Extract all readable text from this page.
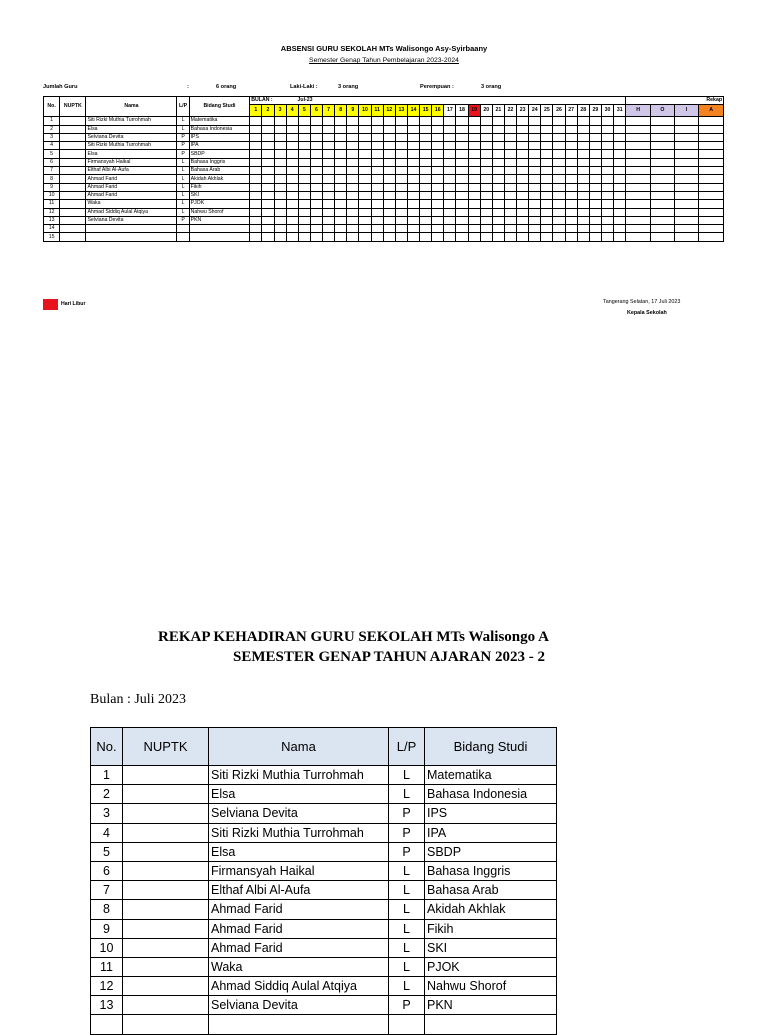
ABSENSI GURU SEKOLAH MTs Walisongo Asy-Syirbaany
Semester Genap Tahun Pembelajaran 2023-2024
Jumlah Guru	:	6 orang	Laki-Laki :	3 orang	Perempuan :	3 orang
No.	NUPTK	Nama	L/P	Bidang Studi	BULAN : Jul-23																															Rekap			
					1	2	3	4	5	6	7	8	9	10	11	12	13	14	15	16	17	18	19	20	21	22	23	24	25	26	27	28	29	30	31	H	O	I	A
1		Siti Rizki Muthia Turrohmah	L	Matematika																																			
2		Elsa	L	Bahasa Indonesia																																			
3		Selviana Devita	P	IPS																																			
4		Siti Rizki Muthia Turrohmah	P	IPA																																			
5		Elsa	P	SBDP																																			
6		Firmansyah Haikal	L	Bahasa Inggris																																			
7		Elthaf Albi Al-Aufa	L	Bahasa Arab																																			
8		Ahmad Farid	L	Akidah Akhlak																																			
9		Ahmad Farid	L	Fikih																																			
10		Ahmad Farid	L	SKI																																			
11		Waka	L	PJOK																																			
12		Ahmad Siddiq Aulal Atqiya	L	Nahwu Shorof																																			
13		Selviana Devita	P	PKN																																			
14																																							
15																																							
Hari Libur	Tangerang Selatan, 17 Juli 2023
Kepala Sekolah
REKAP KEHADIRAN GURU SEKOLAH MTs Walisongo A
SEMESTER GENAP TAHUN AJARAN 2023 - 2
Bulan : Juli 2023
No.	NUPTK	Nama	L/P	Bidang Studi
1		Siti Rizki Muthia Turrohmah	L	Matematika
2		Elsa	L	Bahasa Indonesia
3		Selviana Devita	P	IPS
4		Siti Rizki Muthia Turrohmah	P	IPA
5		Elsa	P	SBDP
6		Firmansyah Haikal	L	Bahasa Inggris
7		Elthaf Albi Al-Aufa	L	Bahasa Arab
8		Ahmad Farid	L	Akidah Akhlak
9		Ahmad Farid	L	Fikih
10		Ahmad Farid	L	SKI
11		Waka	L	PJOK
12		Ahmad Siddiq Aulal Atqiya	L	Nahwu Shorof
13		Selviana Devita	P	PKN
